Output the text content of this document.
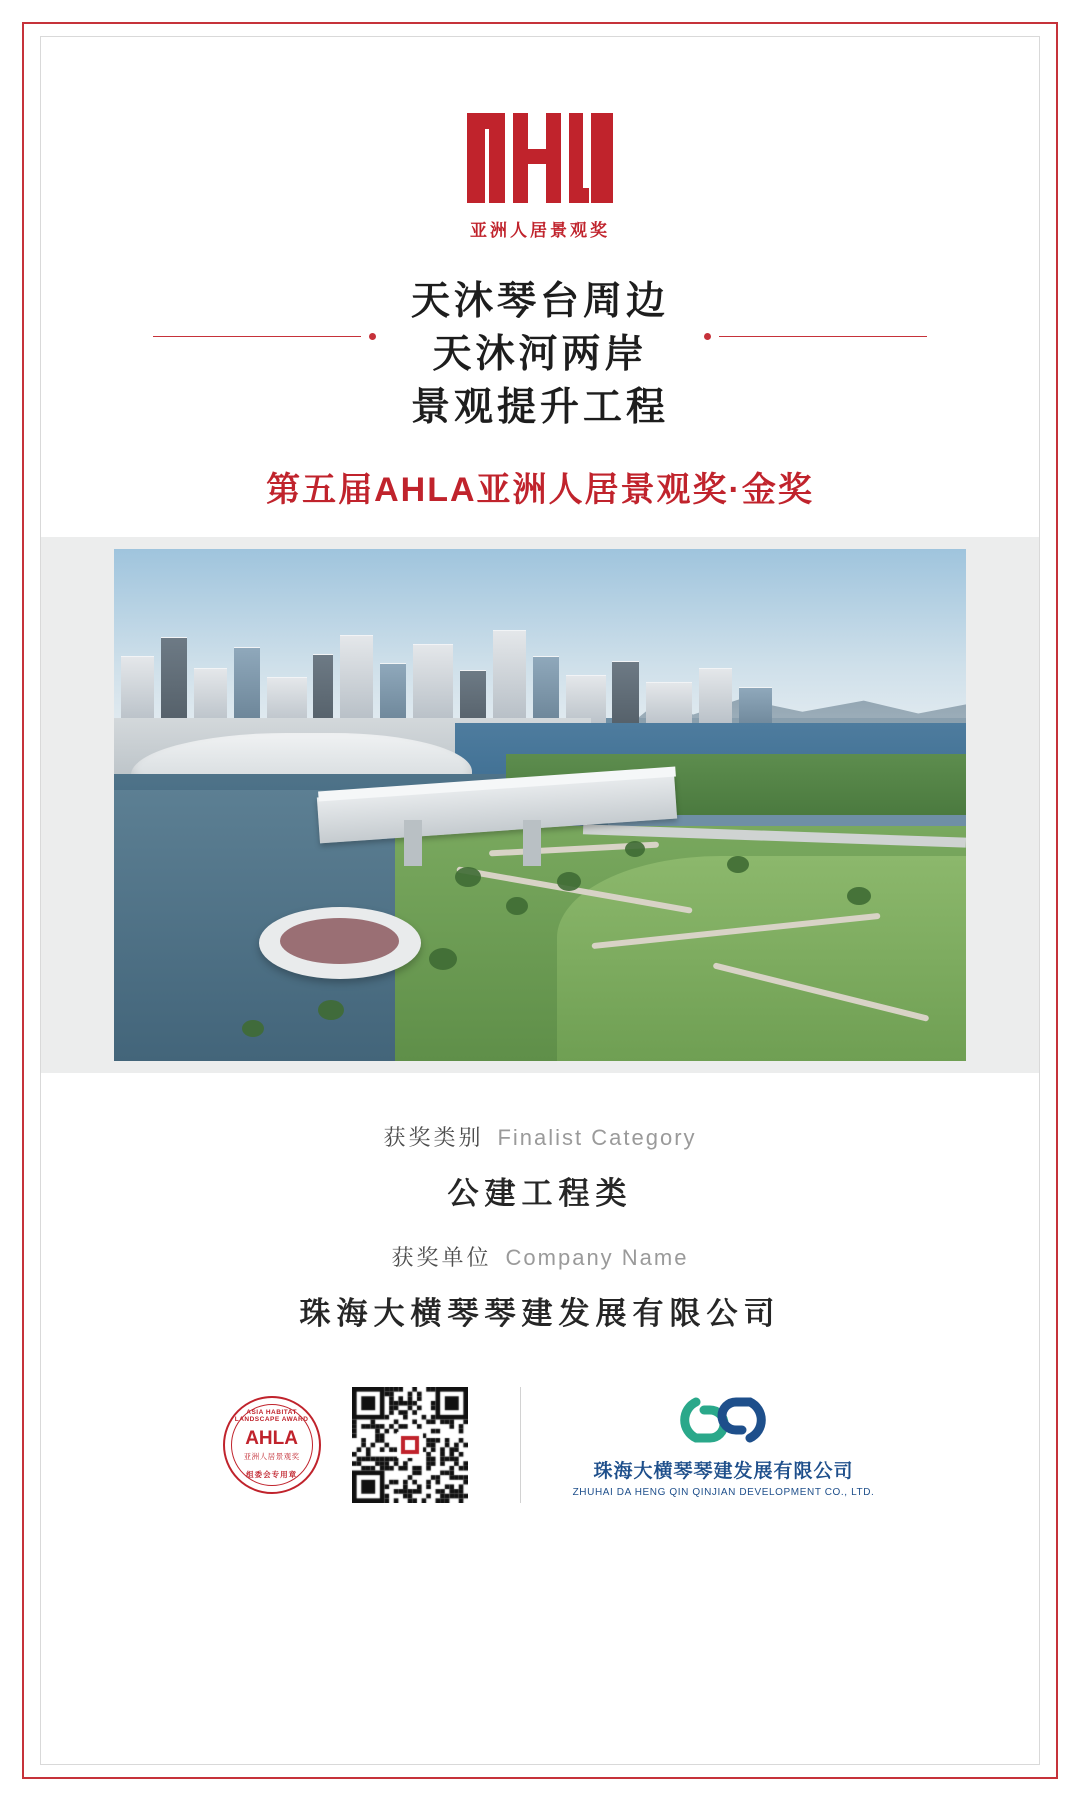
亚洲人居景观奖
天沐琴台周边
天沐河两岸
景观提升工程
第五届AHLA亚洲人居景观奖·金奖
获奖类别 Finalist Category
公建工程类
获奖单位 Company Name
珠海大横琴琴建发展有限公司
ASIA HABITAT LANDSCAPE AWARD
AHLA
亚洲人居景观奖
组委会专用章	珠海大横琴琴建发展有限公司
ZHUHAI DA HENG QIN QINJIAN DEVELOPMENT CO., LTD.
